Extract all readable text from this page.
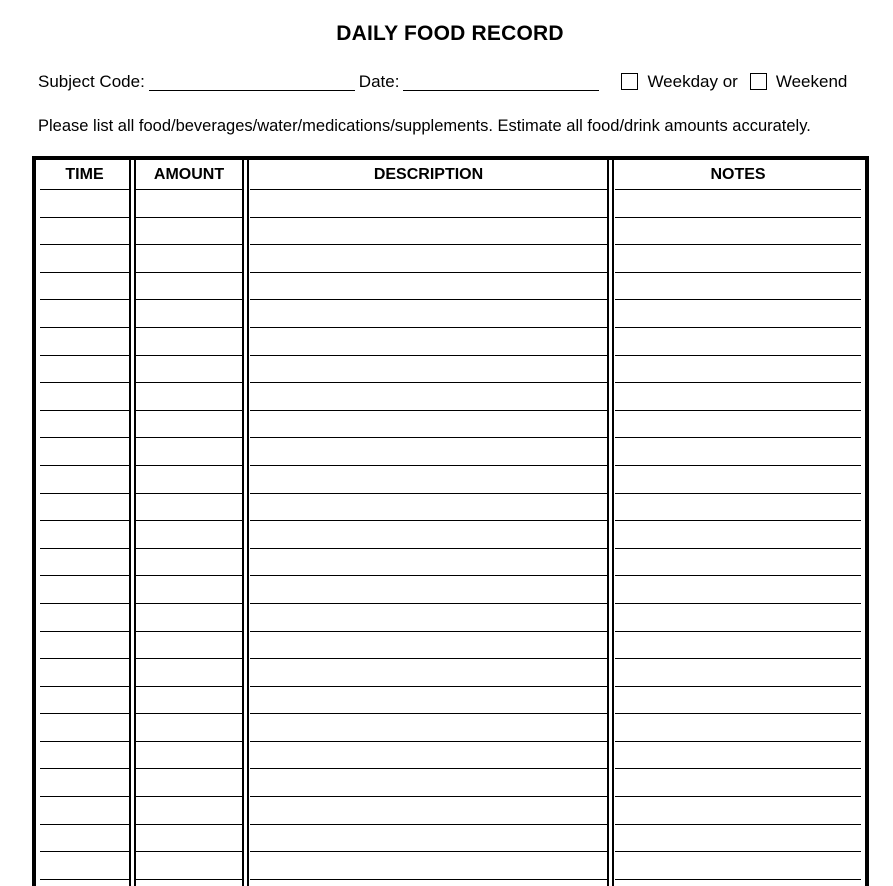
DAILY FOOD RECORD
Subject Code:	Date:	Weekday or Weekend
Please list all food/beverages/water/medications/supplements. Estimate all food/drink amounts accurately.
TIME	AMOUNT	DESCRIPTION	NOTES
